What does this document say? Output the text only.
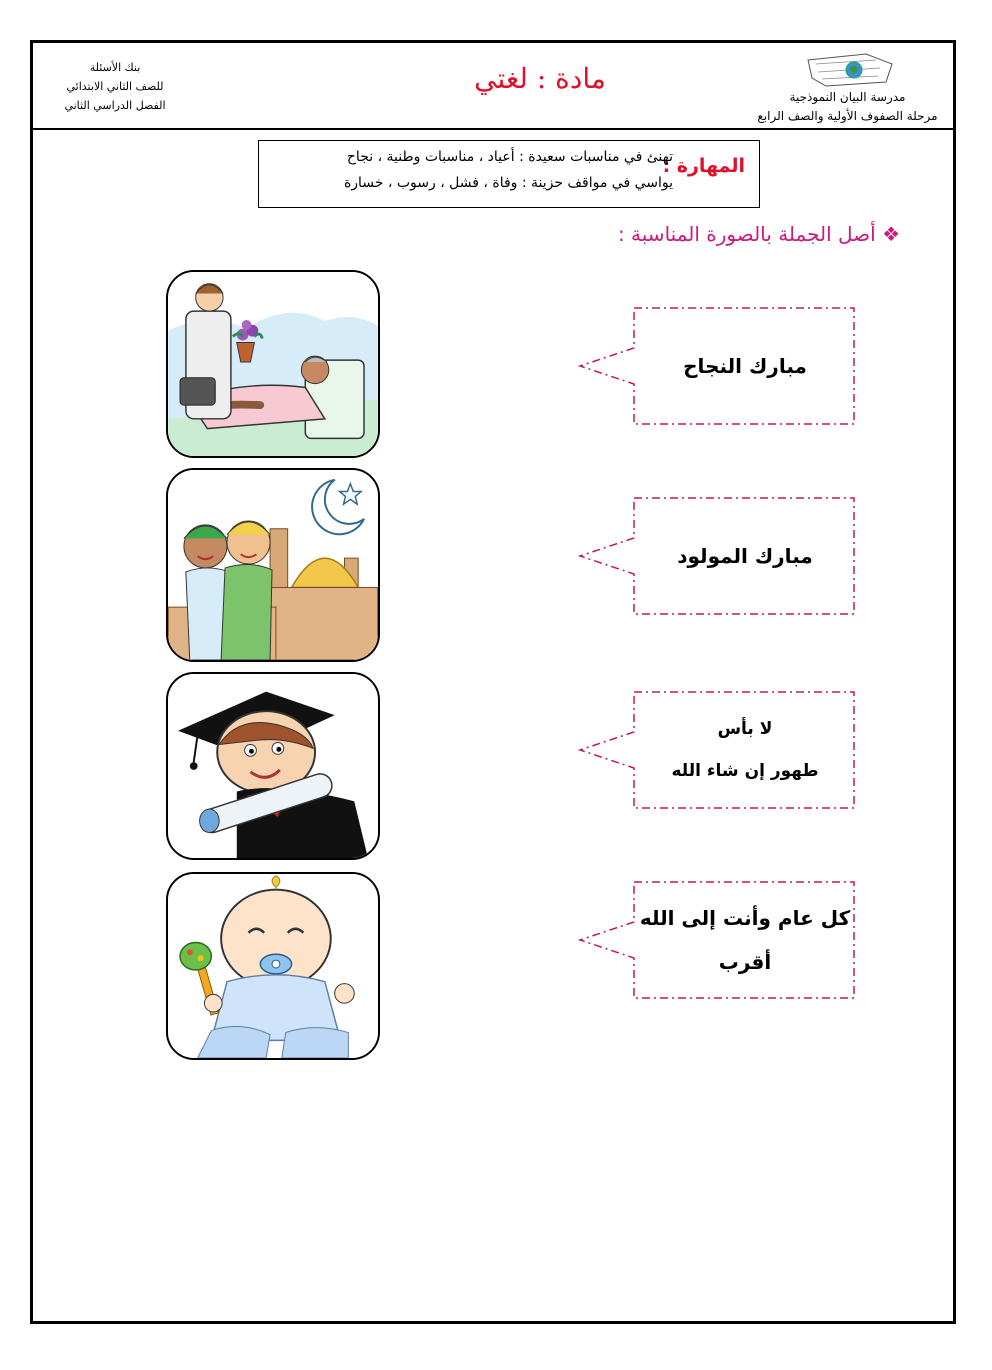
بنك الأسئلة
للصف الثاني الابتدائي
الفصل الدراسي الثاني
مادة : لغتي
مدرسة البيان النموذجية
مرحلة الصفوف الأولية والصف الرابع
المهارة :
تهنئ في مناسبات سعيدة : أعياد ، مناسبات وطنية ، نجاح
يواسي في مواقف حزينة : وفاة ، فشل ، رسوب ، خسارة
❖ أصل الجملة بالصورة المناسبة :
مبارك النجاح
مبارك المولود
لا بأس
طهور إن شاء الله
كل عام وأنت إلى الله
أقرب
